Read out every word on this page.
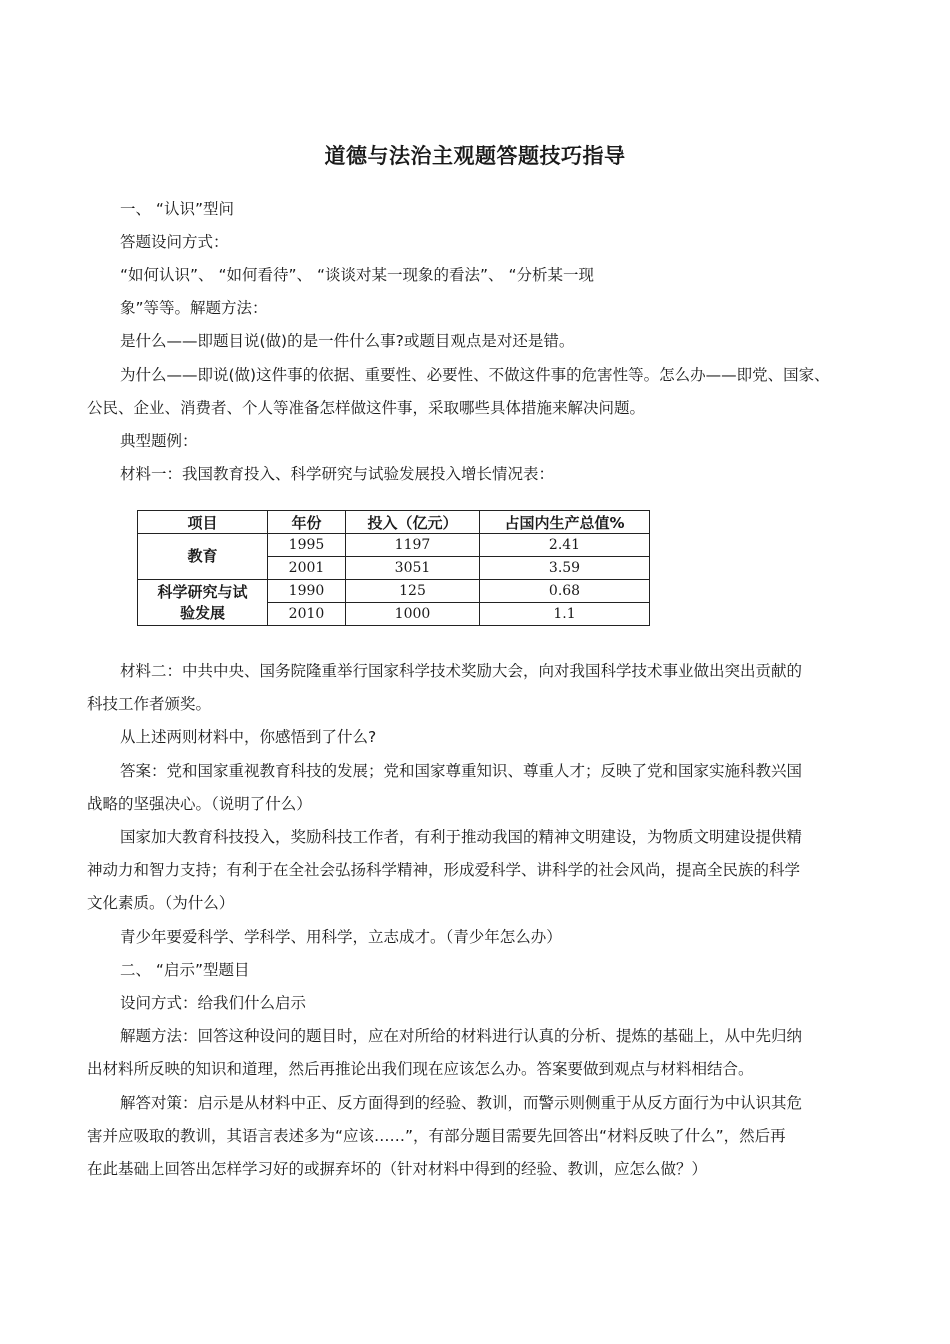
道德与法治主观题答题技巧指导
一、 “认识”型问
答题设问方式：
“如何认识”、 “如何看待”、 “谈谈对某一现象的看法”、 “分析某一现
象”等等。解题方法：
是什么——即题目说(做)的是一件什么事?或题目观点是对还是错。
为什么——即说(做)这件事的依据、重要性、必要性、不做这件事的危害性等。怎么办——即党、国家、
公民、企业、消费者、个人等准备怎样做这件事，采取哪些具体措施来解决问题。
典型题例：
材料一：我国教育投入、科学研究与试验发展投入增长情况表：
材料二：中共中央、国务院隆重举行国家科学技术奖励大会，向对我国科学技术事业做出突出贡献的
科技工作者颁奖。
从上述两则材料中，你感悟到了什么?
答案：党和国家重视教育科技的发展；党和国家尊重知识、尊重人才；反映了党和国家实施科教兴国
战略的坚强决心。（说明了什么）
国家加大教育科技投入，奖励科技工作者，有利于推动我国的精神文明建设，为物质文明建设提供精
神动力和智力支持；有利于在全社会弘扬科学精神，形成爱科学、讲科学的社会风尚，提高全民族的科学
文化素质。（为什么）
青少年要爱科学、学科学、用科学，立志成才。（青少年怎么办）
二、 “启示”型题目
设问方式：给我们什么启示
解题方法：回答这种设问的题目时，应在对所给的材料进行认真的分析、提炼的基础上，从中先归纳
出材料所反映的知识和道理，然后再推论出我们现在应该怎么办。答案要做到观点与材料相结合。
解答对策：启示是从材料中正、反方面得到的经验、教训，而警示则侧重于从反方面行为中认识其危
害并应吸取的教训，其语言表述多为“应该……”，有部分题目需要先回答出“材料反映了什么”，然后再
在此基础上回答出怎样学习好的或摒弃坏的（针对材料中得到的经验、教训，应怎么做？）
项目	年份	投入（亿元）	占国内生产总值%
教育	1995	1197	2.41
	2001	3051	3.59
科学研究与试
验发展	1990	125	0.68
	2010	1000	1.1
